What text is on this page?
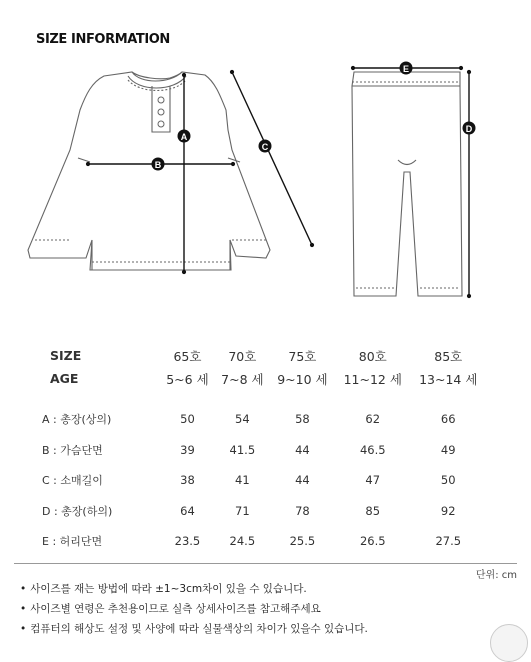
SIZE INFORMATION
A
B
C
D
E
SIZE	65호	70호	75호	80호	85호
AGE	5~6 세	7~8 세	9~10 세	11~12 세	13~14 세

A : 총장(상의)	50	54	58	62	66
B : 가슴단면	39	41.5	44	46.5	49
C : 소매길이	38	41	44	47	50
D : 총장(하의)	64	71	78	85	92
E : 허리단면	23.5	24.5	25.5	26.5	27.5
단위: cm
• 사이즈를 재는 방법에 따라 ±1~3cm차이 있을 수 있습니다.
• 사이즈별 연령은 추천용이므로 실측 상세사이즈를 참고해주세요
• 컴퓨터의 해상도 설정 및 사양에 따라 실물색상의 차이가 있을수 있습니다.
